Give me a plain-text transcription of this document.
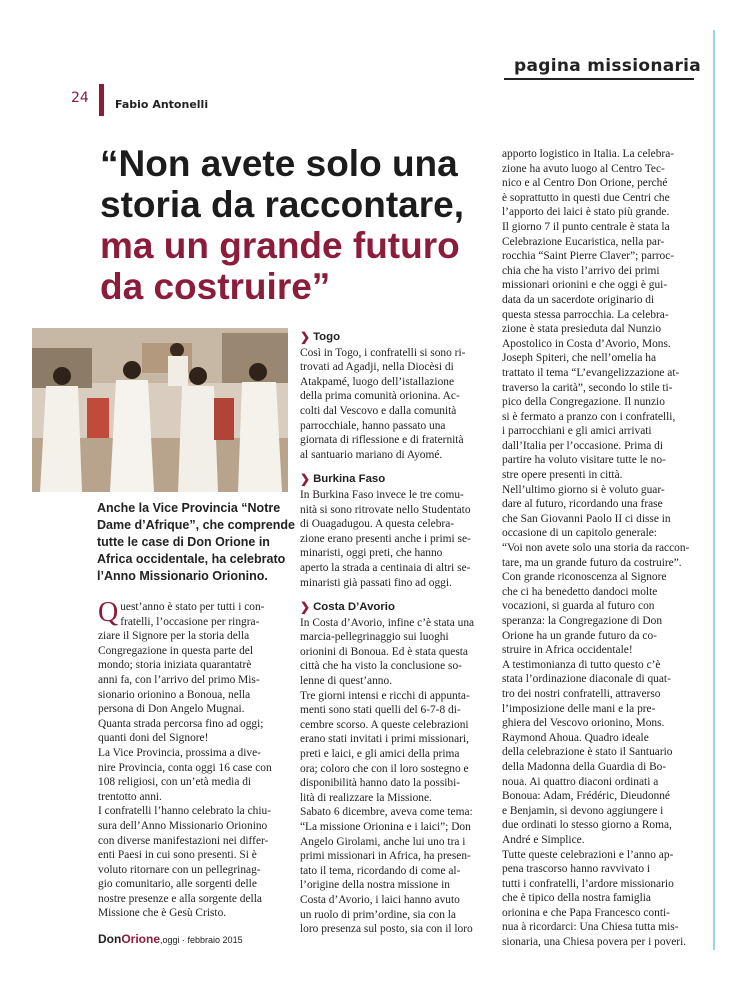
pagina missionaria
24 Fabio Antonelli
“Non avete solo una
storia da raccontare,
ma un grande futuro
da costruire”
Anche la Vice Provincia “Notre
Dame d’Afrique”, che comprende
tutte le case di Don Orione in
Africa occidentale, ha celebrato
l’Anno Missionario Orionino.
Q uest’anno è stato per tutti i con-
fratelli, l’occasione per ringra-
ziare il Signore per la storia della
Congregazione in questa parte del
mondo; storia iniziata quarantatrè
anni fa, con l’arrivo del primo Mis-
sionario orionino a Bonoua, nella
persona di Don Angelo Mugnai.
Quanta strada percorsa fino ad oggi;
quanti doni del Signore!
La Vice Provincia, prossima a dive-
nire Provincia, conta oggi 16 case con
108 religiosi, con un’età media di
trentotto anni.
I confratelli l’hanno celebrato la chiu-
sura dell’Anno Missionario Orionino
con diverse manifestazioni nei differ-
enti Paesi in cui sono presenti. Si è
voluto ritornare con un pellegrinag-
gio comunitario, alle sorgenti delle
nostre presenze e alla sorgente della
Missione che è Gesù Cristo.
❯ Togo
Così in Togo, i confratelli si sono ri-
trovati ad Agadji, nella Diocèsi di
Atakpamé, luogo dell’istallazione
della prima comunità orionina. Ac-
colti dal Vescovo e dalla comunità
parrocchiale, hanno passato una
giornata di riflessione e di fraternità
al santuario mariano di Ayomé.
❯ Burkina Faso
In Burkina Faso invece le tre comu-
nità si sono ritrovate nello Studentato
di Ouagadugou. A questa celebra-
zione erano presenti anche i primi se-
minaristi, oggi preti, che hanno
aperto la strada a centinaia di altri se-
minaristi già passati fino ad oggi.
❯ Costa D’Avorio
In Costa d’Avorio, infine c’è stata una
marcia-pellegrinaggio sui luoghi
orionini di Bonoua. Ed è stata questa
città che ha visto la conclusione so-
lenne di quest’anno.
Tre giorni intensi e ricchi di appunta-
menti sono stati quelli del 6-7-8 di-
cembre scorso. A queste celebrazioni
erano stati invitati i primi missionari,
preti e laici, e gli amici della prima
ora; coloro che con il loro sostegno e
disponibilità hanno dato la possibi-
lità di realizzare la Missione.
Sabato 6 dicembre, aveva come tema:
“La missione Orionina e i laici”; Don
Angelo Girolami, anche lui uno tra i
primi missionari in Africa, ha presen-
tato il tema, ricordando di come al-
l’origine della nostra missione in
Costa d’Avorio, i laici hanno avuto
un ruolo di prim’ordine, sia con la
loro presenza sul posto, sia con il loro
apporto logistico in Italia. La celebra-
zione ha avuto luogo al Centro Tec-
nico e al Centro Don Orione, perché
è soprattutto in questi due Centri che
l’apporto dei laici è stato più grande.
Il giorno 7 il punto centrale è stata la
Celebrazione Eucaristica, nella par-
rocchia “Saint Pierre Claver”; parroc-
chia che ha visto l’arrivo dei primi
missionari orionini e che oggi è gui-
data da un sacerdote originario di
questa stessa parrocchia. La celebra-
zione è stata presieduta dal Nunzio
Apostolico in Costa d’Avorio, Mons.
Joseph Spiteri, che nell’omelia ha
trattato il tema “L’evangelizzazione at-
traverso la carità”, secondo lo stile ti-
pico della Congregazione. Il nunzio
si è fermato a pranzo con i confratelli,
i parrocchiani e gli amici arrivati
dall’Italia per l’occasione. Prima di
partire ha voluto visitare tutte le no-
stre opere presenti in città.
Nell’ultimo giorno si è voluto guar-
dare al futuro, ricordando una frase
che San Giovanni Paolo II ci disse in
occasione di un capitolo generale:
“Voi non avete solo una storia da raccon-
tare, ma un grande futuro da costruire”.
Con grande riconoscenza al Signore
che ci ha benedetto dandoci molte
vocazioni, si guarda al futuro con
speranza: la Congregazione di Don
Orione ha un grande futuro da co-
struire in Africa occidentale!
A testimonianza di tutto questo c’è
stata l’ordinazione diaconale di quat-
tro dei nostri confratelli, attraverso
l’imposizione delle mani e la pre-
ghiera del Vescovo orionino, Mons.
Raymond Ahoua. Quadro ideale
della celebrazione è stato il Santuario
della Madonna della Guardia di Bo-
noua. Ai quattro diaconi ordinati a
Bonoua: Adam, Frédéric, Dieudonné
e Benjamin, si devono aggiungere i
due ordinati lo stesso giorno a Roma,
André e Simplice.
Tutte queste celebrazioni e l’anno ap-
pena trascorso hanno ravvivato i
tutti i confratelli, l’ardore missionario
che è tipico della nostra famiglia
orionina e che Papa Francesco conti-
nua à ricordarci: Una Chiesa tutta mis-
sionaria, una Chiesa povera per i poveri.
DonOrione,oggi · febbraio 2015
